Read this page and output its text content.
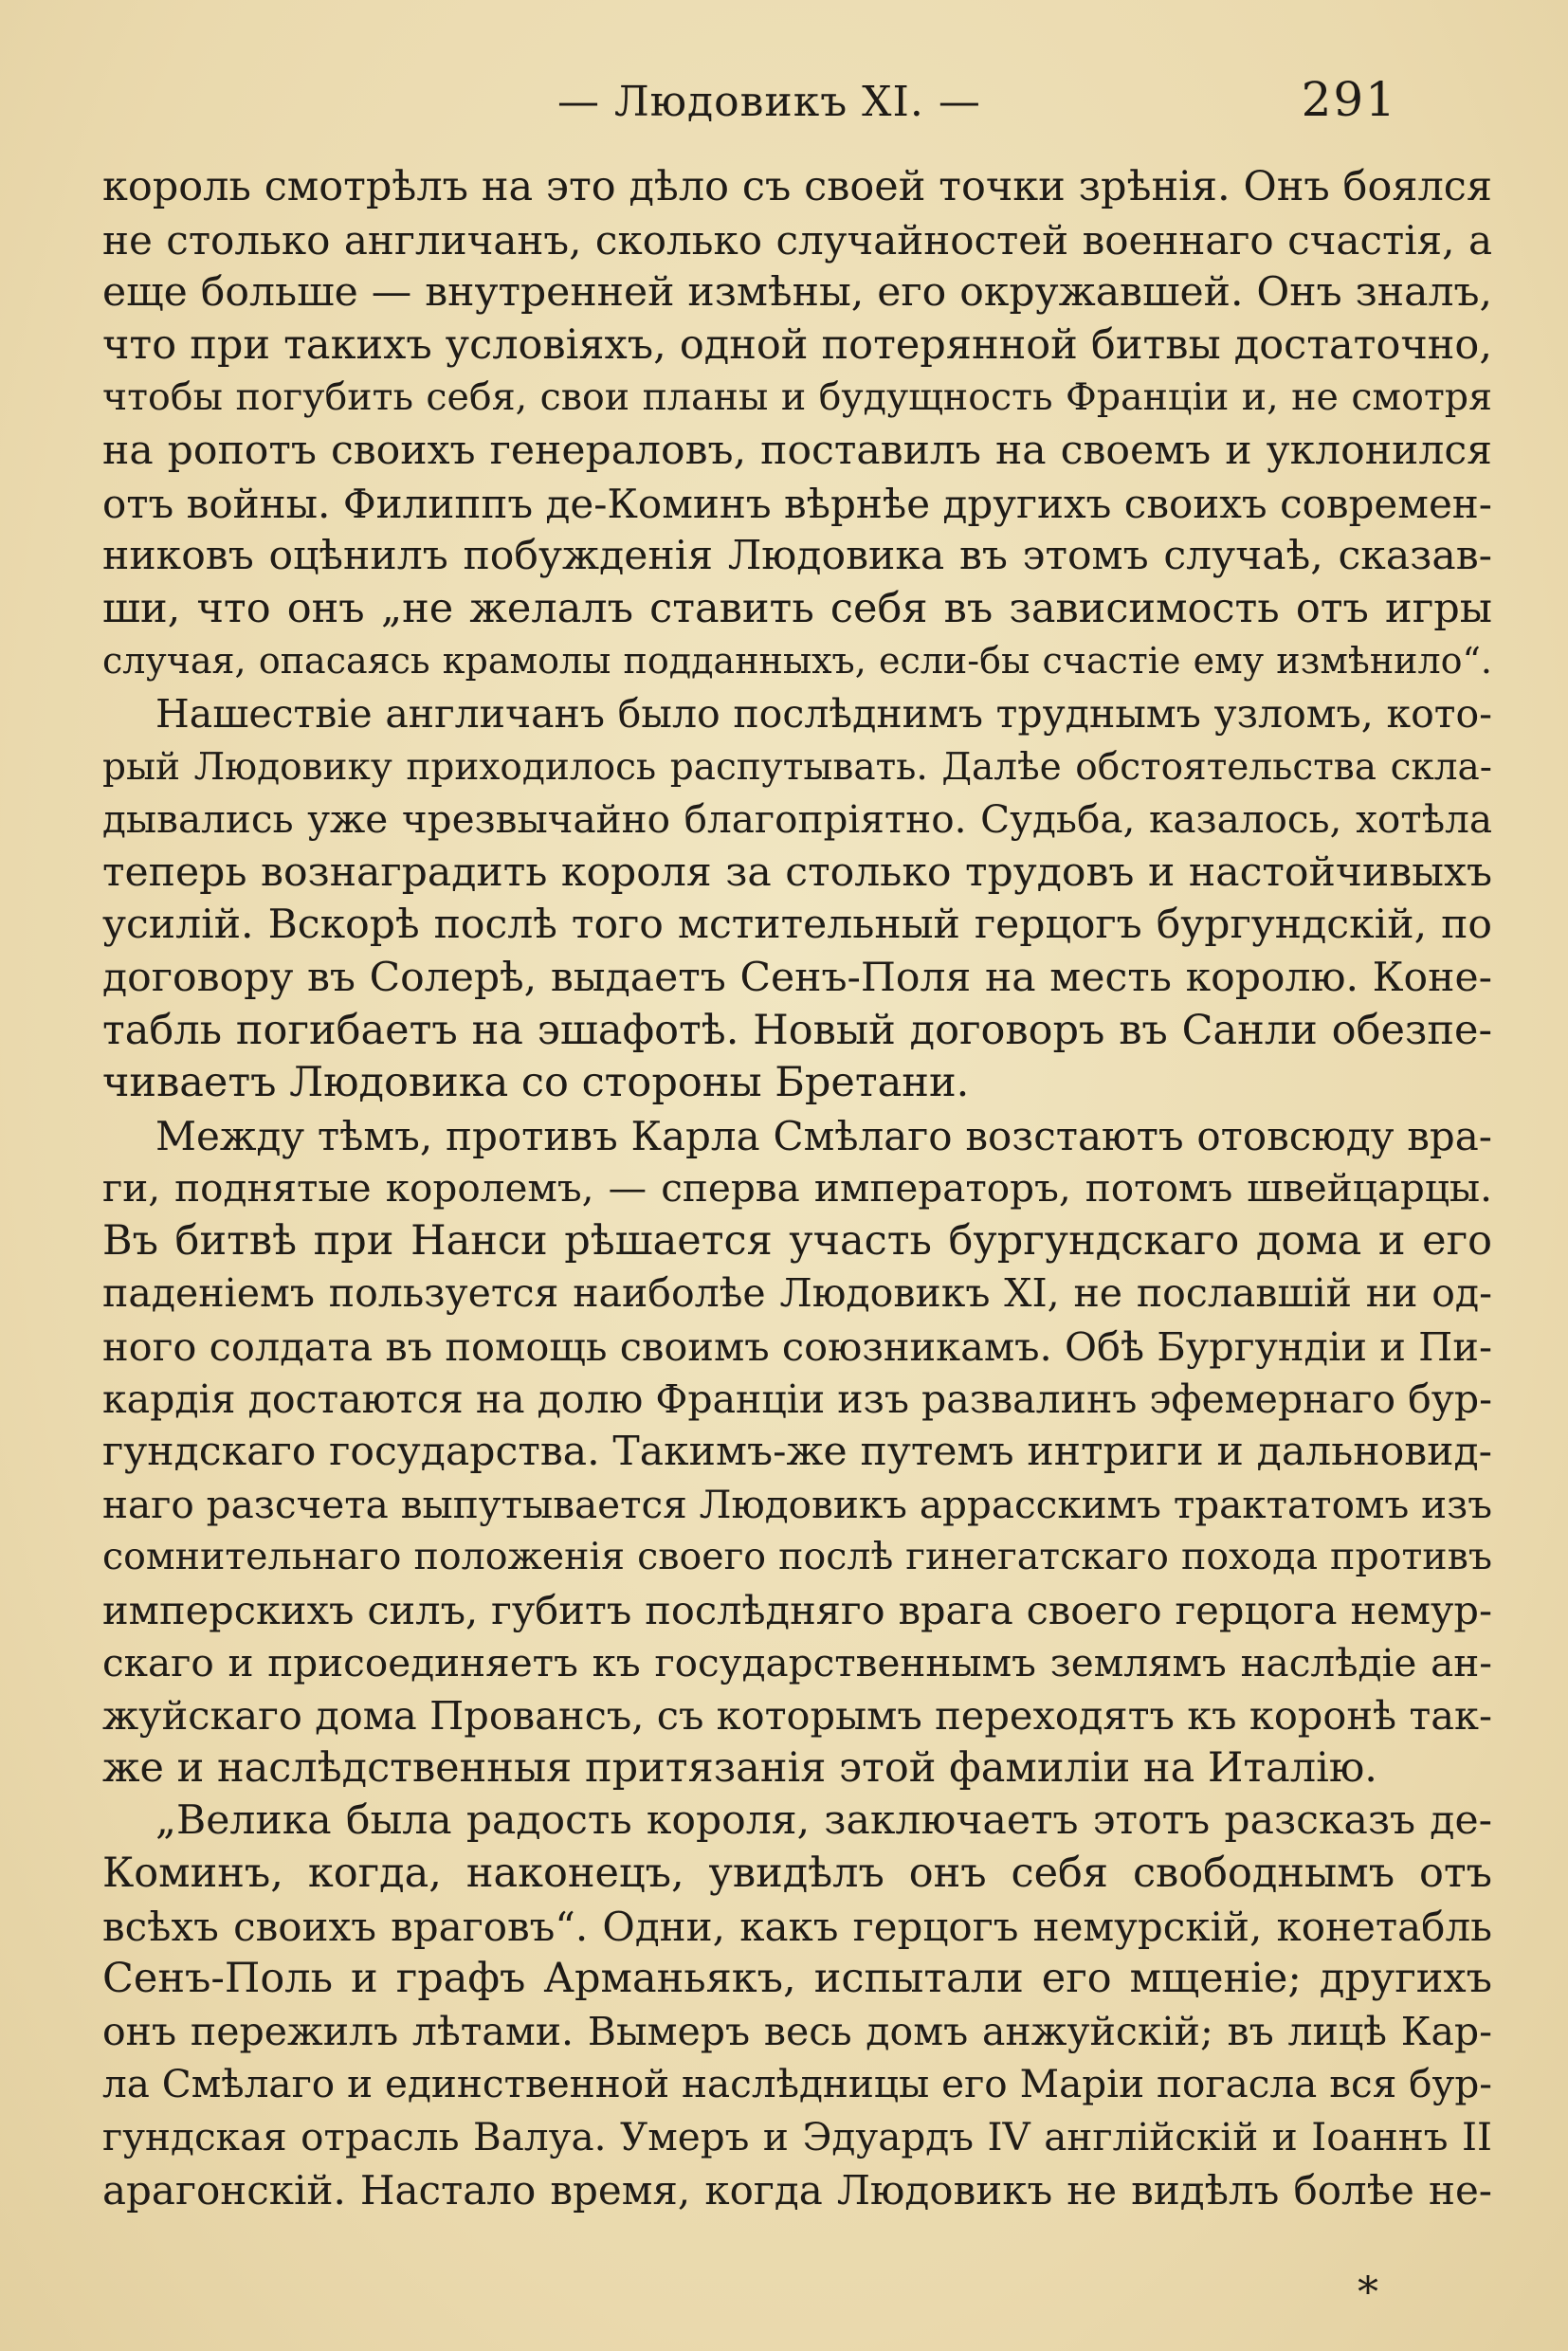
— Людовикъ XI. —	291
король смотрѣлъ на это дѣло съ своей точки зрѣнія. Онъ боялся
не столько англичанъ, сколько случайностей военнаго счастія, а
еще больше — внутренней измѣны, его окружавшей. Онъ зналъ,
что при такихъ условіяхъ, одной потерянной битвы достаточно,
чтобы погубить себя, свои планы и будущность Франціи и, не смотря
на ропотъ своихъ генераловъ, поставилъ на своемъ и уклонился
отъ войны. Филиппъ де-Коминъ вѣрнѣе другихъ своихъ современ-
никовъ оцѣнилъ побужденія Людовика въ этомъ случаѣ, сказав-
ши, что онъ „не желалъ ставить себя въ зависимость отъ игры
случая, опасаясь крамолы подданныхъ, если-бы счастіе ему измѣнило“.
Нашествіе англичанъ было послѣднимъ труднымъ узломъ, кото-
рый Людовику приходилось распутывать. Далѣе обстоятельства скла-
дывались уже чрезвычайно благопріятно. Судьба, казалось, хотѣла
теперь вознаградить короля за столько трудовъ и настойчивыхъ
усилій. Вскорѣ послѣ того мстительный герцогъ бургундскій, по
договору въ Солерѣ, выдаетъ Сенъ-Поля на месть королю. Коне-
табль погибаетъ на эшафотѣ. Новый договоръ въ Санли обезпе-
чиваетъ Людовика со стороны Бретани.
Между тѣмъ, противъ Карла Смѣлаго возстаютъ отовсюду вра-
ги, поднятые королемъ, — сперва императоръ, потомъ швейцарцы.
Въ битвѣ при Нанси рѣшается участь бургундскаго дома и его
паденіемъ пользуется наиболѣе Людовикъ XI, не пославшій ни од-
ного солдата въ помощь своимъ союзникамъ. Обѣ Бургундіи и Пи-
кардія достаются на долю Франціи изъ развалинъ эфемернаго бур-
гундскаго государства. Такимъ-же путемъ интриги и дальновид-
наго разсчета выпутывается Людовикъ аррасскимъ трактатомъ изъ
сомнительнаго положенія своего послѣ гинегатскаго похода противъ
имперскихъ силъ, губитъ послѣдняго врага своего герцога немур-
скаго и присоединяетъ къ государственнымъ землямъ наслѣдіе ан-
жуйскаго дома Провансъ, съ которымъ переходятъ къ коронѣ так-
же и наслѣдственныя притязанія этой фамиліи на Италію.
„Велика была радость короля, заключаетъ этотъ разсказъ де-
Коминъ, когда, наконецъ, увидѣлъ онъ себя свободнымъ отъ
всѣхъ своихъ враговъ“. Одни, какъ герцогъ немурскій, конетабль
Сенъ-Поль и графъ Арманьякъ, испытали его мщеніе; другихъ
онъ пережилъ лѣтами. Вымеръ весь домъ анжуйскій; въ лицѣ Кар-
ла Смѣлаго и единственной наслѣдницы его Маріи погасла вся бур-
гундская отрасль Валуа. Умеръ и Эдуардъ IV англійскій и Іоаннъ II
арагонскій. Настало время, когда Людовикъ не видѣлъ болѣе не-
*
